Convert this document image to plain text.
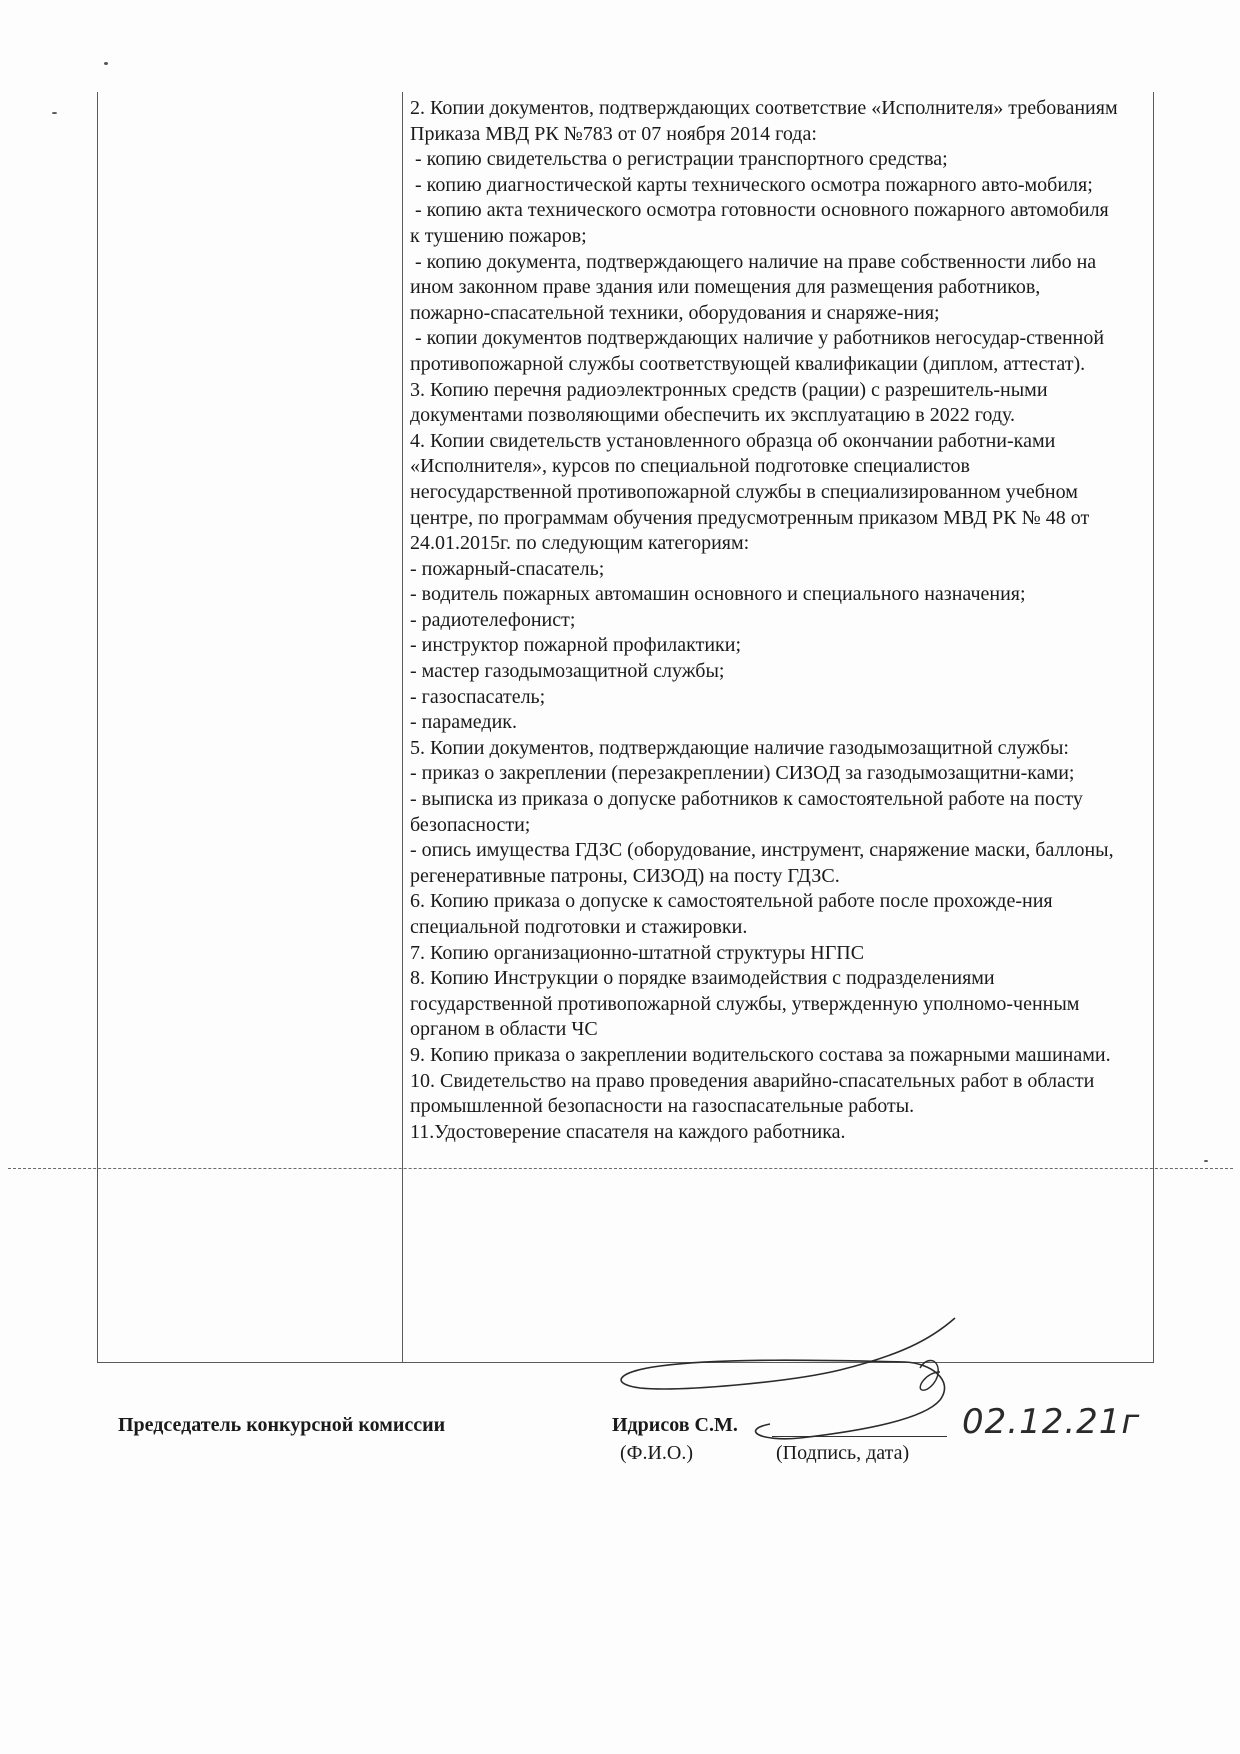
2. Копии документов, подтверждающих соответствие «Исполнителя» требованиям Приказа МВД РК №783 от 07 ноября 2014 года:

- копию свидетельства о регистрации транспортного средства;

- копию диагностической карты технического осмотра пожарного авто-мобиля;

- копию акта технического осмотра готовности основного пожарного автомобиля к тушению пожаров;

- копию документа, подтверждающего наличие на праве собственности либо на ином законном праве здания или помещения для размещения работников, пожарно-спасательной техники, оборудования и снаряже-ния;

- копии документов подтверждающих наличие у работников негосудар-ственной противопожарной службы соответствующей квалификации (диплом, аттестат).

3. Копию перечня радиоэлектронных средств (рации) с разрешитель-ными документами позволяющими обеспечить их эксплуатацию в 2022 году.

4. Копии свидетельств установленного образца об окончании работни-ками «Исполнителя», курсов по специальной подготовке специалистов негосударственной противопожарной службы в специализированном учебном центре, по программам обучения предусмотренным приказом МВД РК № 48 от 24.01.2015г. по следующим категориям:

- пожарный-спасатель;

- водитель пожарных автомашин основного и специального назначения;

- радиотелефонист;

- инструктор пожарной профилактики;

- мастер газодымозащитной службы;

- газоспасатель;

- парамедик.

5. Копии документов, подтверждающие наличие газодымозащитной службы:

- приказ о закреплении (перезакреплении) СИЗОД за газодымозащитни-ками;

- выписка из приказа о допуске работников к самостоятельной работе на посту безопасности;

- опись имущества ГДЗС (оборудование, инструмент, снаряжение маски, баллоны, регенеративные патроны, СИЗОД) на посту ГДЗС.

6. Копию приказа о допуске к самостоятельной работе после прохожде-ния специальной подготовки и стажировки.

7. Копию организационно-штатной структуры НГПС

8. Копию Инструкции о порядке взаимодействия с подразделениями государственной противопожарной службы, утвержденную уполномо-ченным органом в области ЧС

9. Копию приказа о закреплении водительского состава за пожарными машинами.

10. Свидетельство на право проведения аварийно-спасательных работ в области промышленной безопасности на газоспасательные работы.

11.Удостоверение спасателя на каждого работника.

Председатель конкурсной комиссии	Идрисов С.М.
(Ф.И.О.)	(Подпись, дата)
02.12.21г
